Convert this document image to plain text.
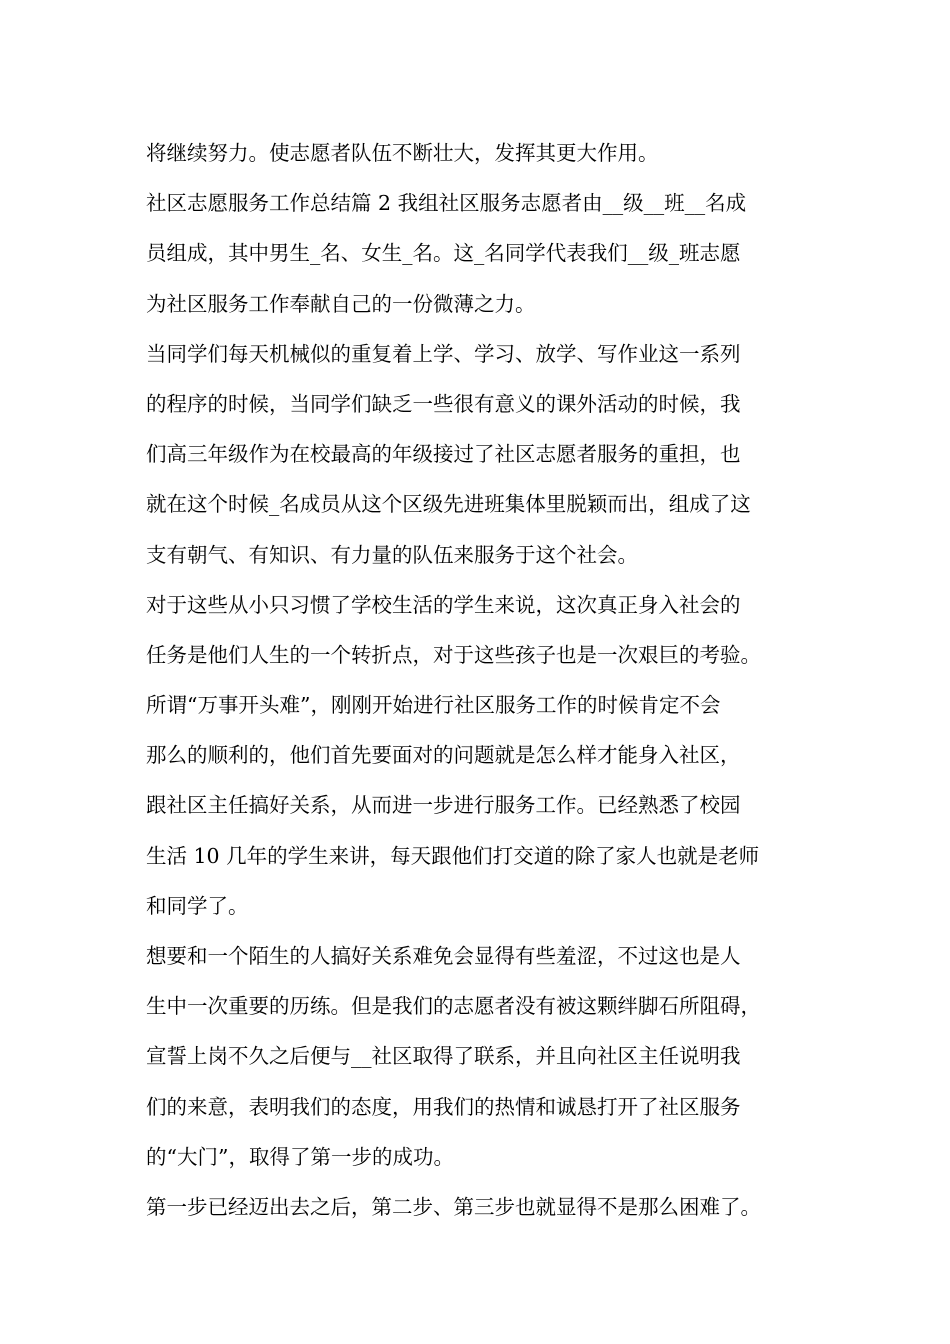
将继续努力。使志愿者队伍不断壮大，发挥其更大作用。
社区志愿服务工作总结篇 2 我组社区服务志愿者由__级__班__名成
员组成，其中男生_名、女生_名。这_名同学代表我们__级_班志愿
为社区服务工作奉献自己的一份微薄之力。
当同学们每天机械似的重复着上学、学习、放学、写作业这一系列
的程序的时候，当同学们缺乏一些很有意义的课外活动的时候，我
们高三年级作为在校最高的年级接过了社区志愿者服务的重担，也
就在这个时候_名成员从这个区级先进班集体里脱颖而出，组成了这
支有朝气、有知识、有力量的队伍来服务于这个社会。
对于这些从小只习惯了学校生活的学生来说，这次真正身入社会的
任务是他们人生的一个转折点，对于这些孩子也是一次艰巨的考验。
所谓“万事开头难”，刚刚开始进行社区服务工作的时候肯定不会
那么的顺利的，他们首先要面对的问题就是怎么样才能身入社区，
跟社区主任搞好关系，从而进一步进行服务工作。已经熟悉了校园
生活 10 几年的学生来讲，每天跟他们打交道的除了家人也就是老师
和同学了。
想要和一个陌生的人搞好关系难免会显得有些羞涩，不过这也是人
生中一次重要的历练。但是我们的志愿者没有被这颗绊脚石所阻碍，
宣誓上岗不久之后便与__社区取得了联系，并且向社区主任说明我
们的来意，表明我们的态度，用我们的热情和诚恳打开了社区服务
的“大门”，取得了第一步的成功。
第一步已经迈出去之后，第二步、第三步也就显得不是那么困难了。
